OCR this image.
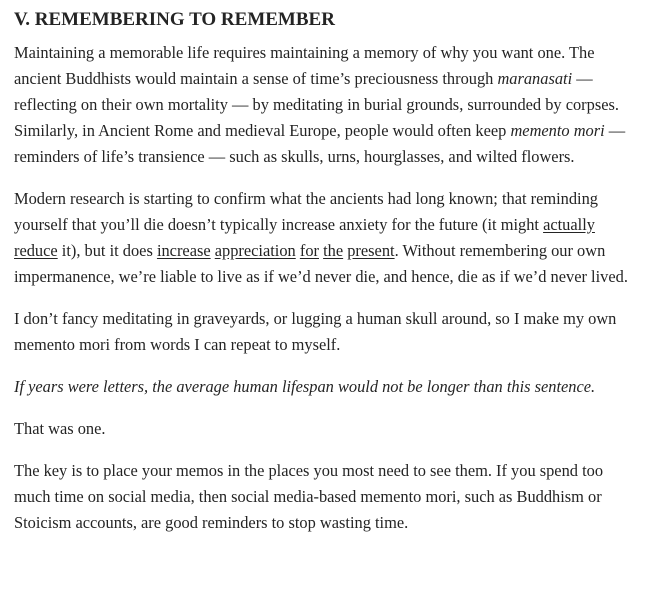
V. REMEMBERING TO REMEMBER

Maintaining a memorable life requires maintaining a memory of why you want one. The ancient Buddhists would maintain a sense of time’s preciousness through maranasati — reflecting on their own mortality — by meditating in burial grounds, surrounded by corpses. Similarly, in Ancient Rome and medieval Europe, people would often keep memento mori — reminders of life’s transience — such as skulls, urns, hourglasses, and wilted flowers.

Modern research is starting to confirm what the ancients had long known; that reminding yourself that you’ll die doesn’t typically increase anxiety for the future (it might actually reduce it), but it does increase appreciation for the present. Without remembering our own impermanence, we’re liable to live as if we’d never die, and hence, die as if we’d never lived.

I don’t fancy meditating in graveyards, or lugging a human skull around, so I make my own memento mori from words I can repeat to myself.

If years were letters, the average human lifespan would not be longer than this sentence.

That was one.

The key is to place your memos in the places you most need to see them. If you spend too much time on social media, then social media-based memento mori, such as Buddhism or Stoicism accounts, are good reminders to stop wasting time.
